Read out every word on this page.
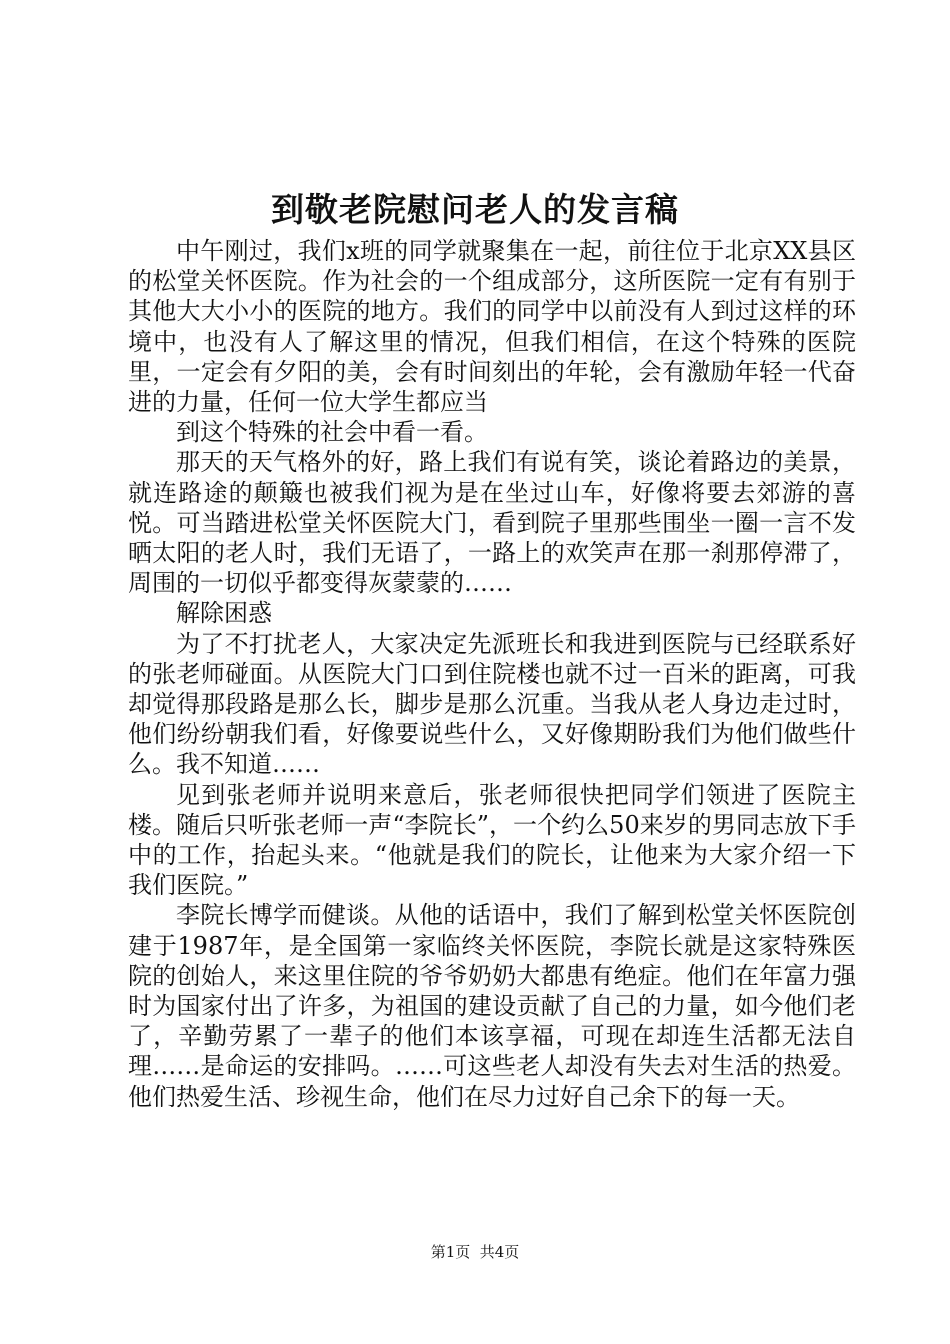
到敬老院慰问老人的发言稿

中午刚过，我们x班的同学就聚集在一起，前往位于北京XX县区的松堂关怀医院。作为社会的一个组成部分，这所医院一定有有别于其他大大小小的医院的地方。我们的同学中以前没有人到过这样的环境中，也没有人了解这里的情况，但我们相信，在这个特殊的医院里，一定会有夕阳的美，会有时间刻出的年轮，会有激励年轻一代奋进的力量，任何一位大学生都应当

到这个特殊的社会中看一看。

那天的天气格外的好，路上我们有说有笑，谈论着路边的美景，就连路途的颠簸也被我们视为是在坐过山车，好像将要去郊游的喜悦。可当踏进松堂关怀医院大门，看到院子里那些围坐一圈一言不发晒太阳的老人时，我们无语了，一路上的欢笑声在那一刹那停滞了，周围的一切似乎都变得灰蒙蒙的……

解除困惑

为了不打扰老人，大家决定先派班长和我进到医院与已经联系好的张老师碰面。从医院大门口到住院楼也就不过一百米的距离，可我却觉得那段路是那么长，脚步是那么沉重。当我从老人身边走过时，他们纷纷朝我们看，好像要说些什么，又好像期盼我们为他们做些什么。我不知道……

见到张老师并说明来意后，张老师很快把同学们领进了医院主楼。随后只听张老师一声“李院长”，一个约么50来岁的男同志放下手中的工作，抬起头来。“他就是我们的院长，让他来为大家介绍一下我们医院。”

李院长博学而健谈。从他的话语中，我们了解到松堂关怀医院创建于1987年，是全国第一家临终关怀医院，李院长就是这家特殊医院的创始人，来这里住院的爷爷奶奶大都患有绝症。他们在年富力强时为国家付出了许多，为祖国的建设贡献了自己的力量，如今他们老了，辛勤劳累了一辈子的他们本该享福，可现在却连生活都无法自理……是命运的安排吗。……可这些老人却没有失去对生活的热爱。他们热爱生活、珍视生命，他们在尽力过好自己余下的每一天。

第1页  共4页
